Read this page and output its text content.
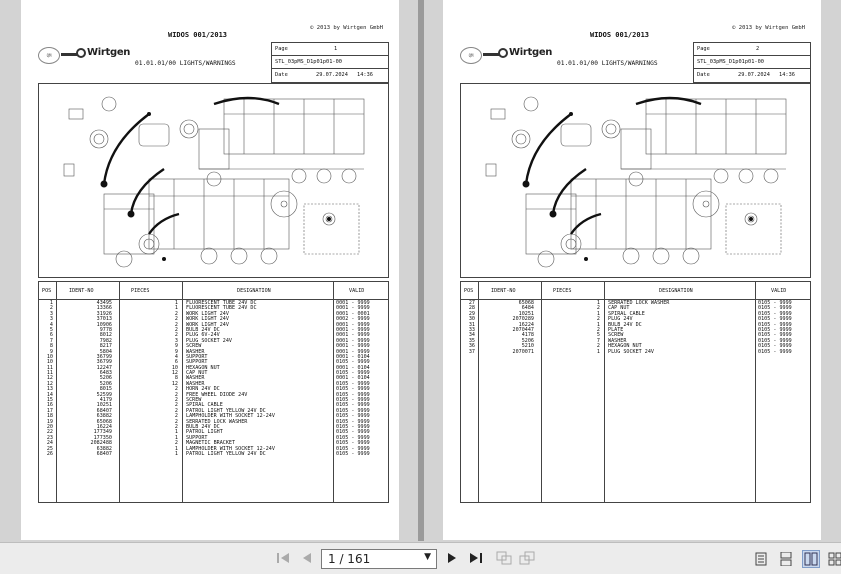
QM	Wirtgen
© 2013 by Wirtgen GmbH
WIDOS 001/2013
01.01.01/00 LIGHTS/WARNINGS
Page	1
STL_03pMS_D1p01p01-00
Date	29.07.2024 14:36
POS	IDENT-NO	PIECES	DESIGNATION	VALID
1	43495	1 FLUORESCENT TUBE 24V DC	0001 - 9999
2	13366	1 FLUORESCENT TUBE 24V DC	0001 - 9999
3	31926	2 WORK LIGHT 24V	0001 - 0001
3	37013	2 WORK LIGHT 24V	0002 - 9999
4	10906	2 WORK LIGHT 24V	0001 - 9999
5	9778	2 BULB 24V DC	0001 - 9999
6	8012	2 PLUG 6V-24V	0001 - 9999
7	7982	3 PLUG SOCKET 24V	0001 - 9999
8	8217	9 SCREW	0001 - 9999
9	5804	9 WASHER	0001 - 9999
10	36799	4 SUPPORT	0001 - 0104
10	36799	6 SUPPORT	0105 - 9999
11	12247	10 HEXAGON NUT	0001 - 0104
11	6483	12 CAP NUT	0105 - 9999
12	5206	8 WASHER	0001 - 0104
12	5206	12 WASHER	0105 - 9999
13	8015	2 HORN 24V DC	0105 - 9999
14	52599	2 FREE WHEEL DIODE 24V	0105 - 9999
15	4179	2 SCREW	0105 - 9999
16	10251	2 SPIRAL CABLE	0105 - 9999
17	68407	2 PATROL LIGHT YELLOW 24V DC	0105 - 9999
18	63882	2 LAMPHOLDER WITH SOCKET 12-24V	0105 - 9999
19	65068	2 SERRATED LOCK WASHER	0105 - 9999
20	16224	2 BULB 24V DC	0105 - 9999
22	177349	1 PATROL LIGHT	0105 - 9999
23	177350	1 SUPPORT	0105 - 9999
24	2082488	2 MAGNETIC BRACKET	0105 - 9999
25	63882	1 LAMPHOLDER WITH SOCKET 12-24V	0105 - 9999
26	68407	1 PATROL LIGHT YELLOW 24V DC	0105 - 9999
QM	Wirtgen
© 2013 by Wirtgen GmbH
WIDOS 001/2013
01.01.01/00 LIGHTS/WARNINGS
Page	2
STL_03pMS_D1p01p01-00
Date	29.07.2024 14:36
POS	IDENT-NO	PIECES	DESIGNATION	VALID
27	65068	1 SERRATED LOCK WASHER	0105 - 9999
28	6484	2 CAP NUT	0105 - 9999
29	10251	1 SPIRAL CABLE	0105 - 9999
30	2070289	2 PLUG 24V	0105 - 9999
31	16224	1 BULB 24V DC	0105 - 9999
33	2070447	2 PLATE	0105 - 9999
34	4178	5 SCREW	0105 - 9999
35	5206	7 WASHER	0105 - 9999
36	5210	2 HEXAGON NUT	0105 - 9999
37	2070071	1 PLUG SOCKET 24V	0105 - 9999
1 / 161	▼
